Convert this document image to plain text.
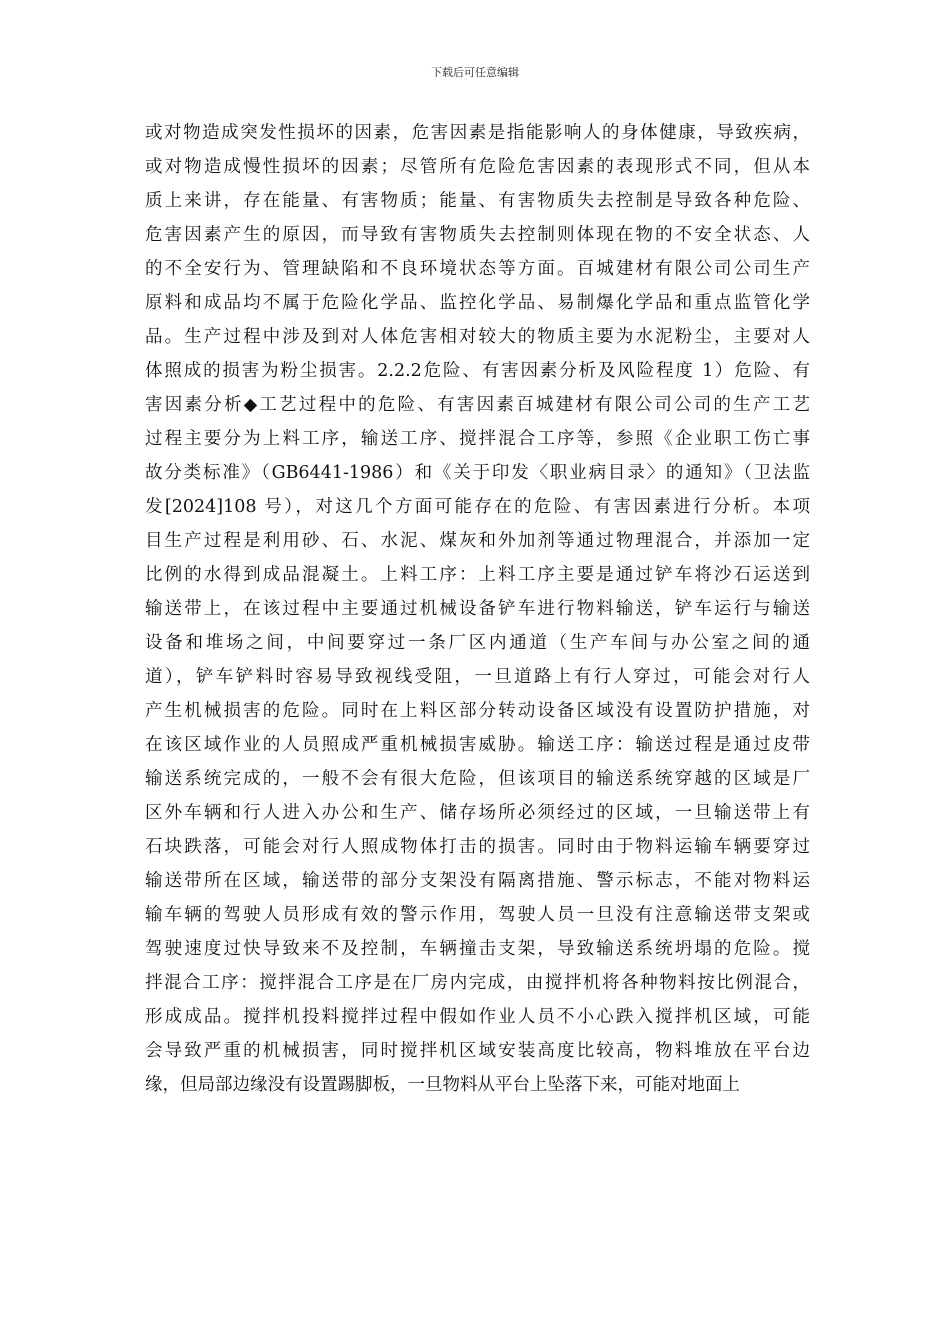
下载后可任意编辑
或对物造成突发性损坏的因素，危害因素是指能影响人的身体健康，导致疾病，
或对物造成慢性损坏的因素；尽管所有危险危害因素的表现形式不同，但从本
质上来讲，存在能量、有害物质；能量、有害物质失去控制是导致各种危险、
危害因素产生的原因，而导致有害物质失去控制则体现在物的不安全状态、人
的不全安行为、管理缺陷和不良环境状态等方面。百城建材有限公司公司生产
原料和成品均不属于危险化学品、监控化学品、易制爆化学品和重点监管化学
品。生产过程中涉及到对人体危害相对较大的物质主要为水泥粉尘，主要对人
体照成的损害为粉尘损害。2.2.2危险、有害因素分析及风险程度 1）危险、有
害因素分析◆工艺过程中的危险、有害因素百城建材有限公司公司的生产工艺
过程主要分为上料工序，输送工序、搅拌混合工序等，参照《企业职工伤亡事
故分类标准》（GB6441-1986）和《关于印发〈职业病目录〉的通知》（卫法监
发[2024]108 号），对这几个方面可能存在的危险、有害因素进行分析。本项
目生产过程是利用砂、石、水泥、煤灰和外加剂等通过物理混合，并添加一定
比例的水得到成品混凝土。上料工序：上料工序主要是通过铲车将沙石运送到
输送带上，在该过程中主要通过机械设备铲车进行物料输送，铲车运行与输送
设备和堆场之间，中间要穿过一条厂区内通道（生产车间与办公室之间的通
道），铲车铲料时容易导致视线受阻，一旦道路上有行人穿过，可能会对行人
产生机械损害的危险。同时在上料区部分转动设备区域没有设置防护措施，对
在该区域作业的人员照成严重机械损害威胁。输送工序：输送过程是通过皮带
输送系统完成的，一般不会有很大危险，但该项目的输送系统穿越的区域是厂
区外车辆和行人进入办公和生产、储存场所必须经过的区域，一旦输送带上有
石块跌落，可能会对行人照成物体打击的损害。同时由于物料运输车辆要穿过
输送带所在区域，输送带的部分支架没有隔离措施、警示标志，不能对物料运
输车辆的驾驶人员形成有效的警示作用，驾驶人员一旦没有注意输送带支架或
驾驶速度过快导致来不及控制，车辆撞击支架，导致输送系统坍塌的危险。搅
拌混合工序：搅拌混合工序是在厂房内完成，由搅拌机将各种物料按比例混合，
形成成品。搅拌机投料搅拌过程中假如作业人员不小心跌入搅拌机区域，可能
会导致严重的机械损害，同时搅拌机区域安装高度比较高，物料堆放在平台边
缘，但局部边缘没有设置踢脚板，一旦物料从平台上坠落下来，可能对地面上
